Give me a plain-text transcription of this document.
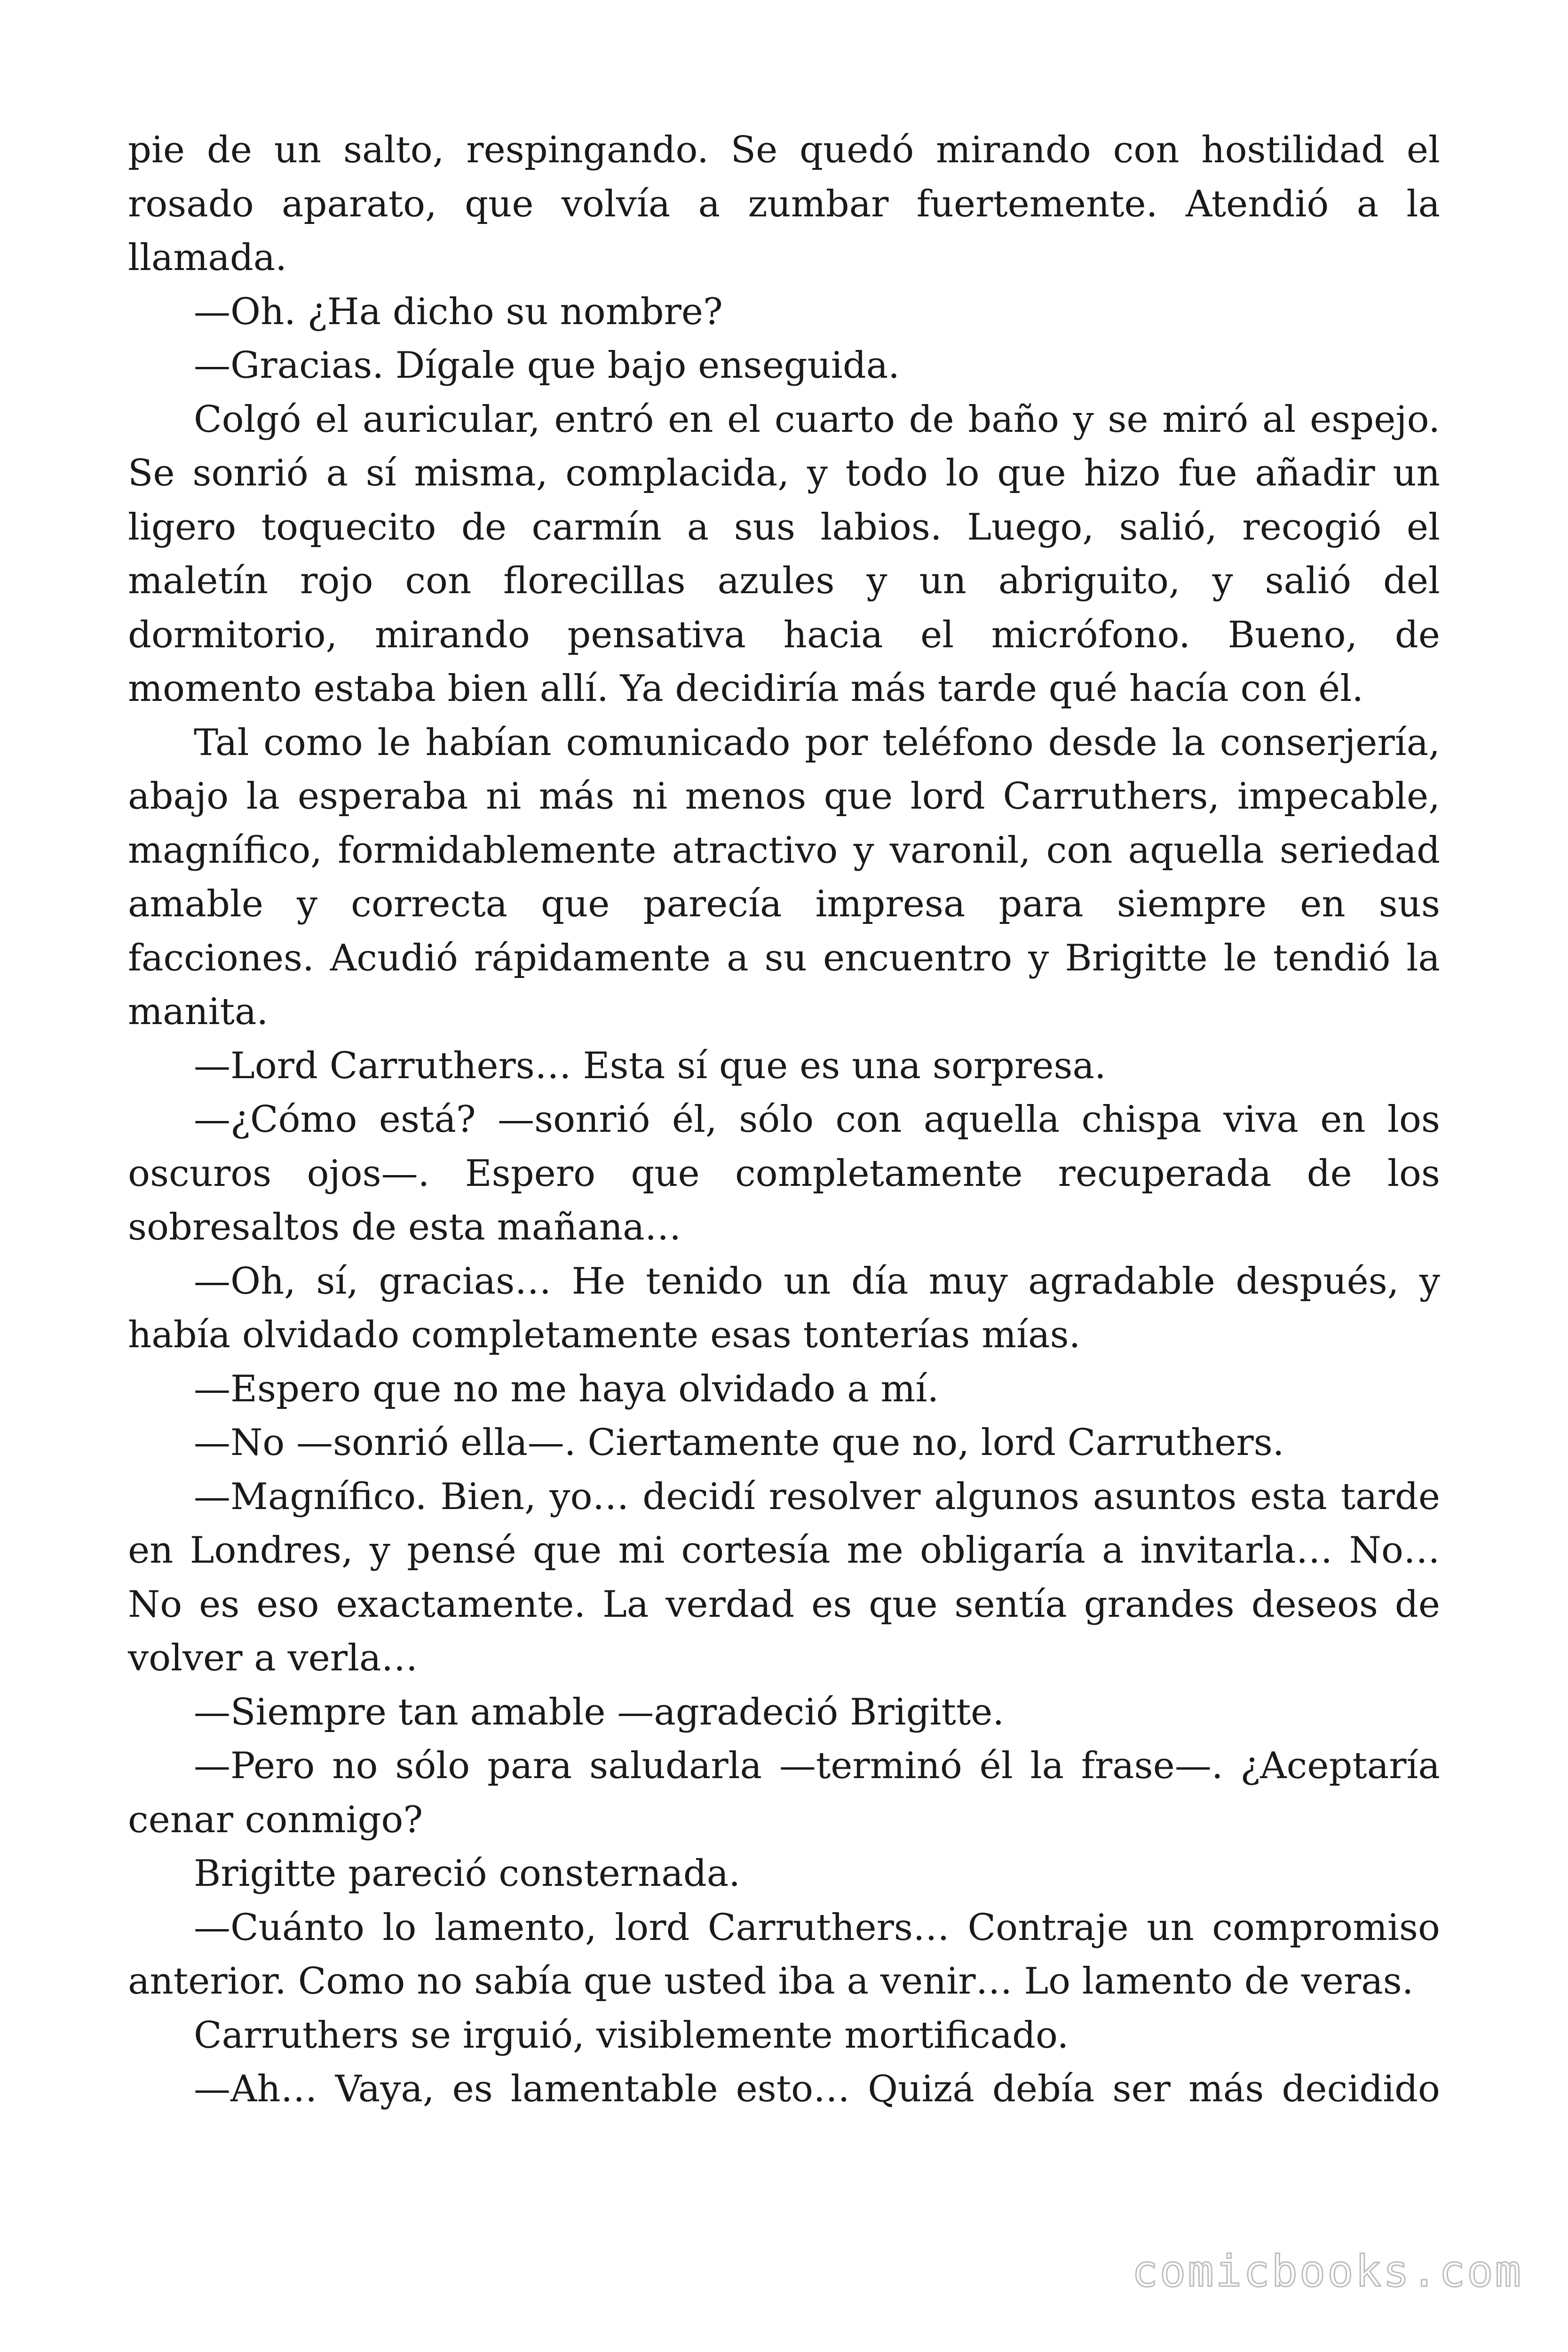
pie de un salto, respingando. Se quedó mirando con hostilidad el rosado aparato, que volvía a zumbar fuertemente. Atendió a la llamada.

—Oh. ¿Ha dicho su nombre?

—Gracias. Dígale que bajo enseguida.

Colgó el auricular, entró en el cuarto de baño y se miró al espejo. Se sonrió a sí misma, complacida, y todo lo que hizo fue añadir un ligero toquecito de carmín a sus labios. Luego, salió, recogió el maletín rojo con florecillas azules y un abriguito, y salió del dormitorio, mirando pensativa hacia el micrófono. Bueno, de momento estaba bien allí. Ya decidiría más tarde qué hacía con él.

Tal como le habían comunicado por teléfono desde la conserjería, abajo la esperaba ni más ni menos que lord Carruthers, impecable, magnífico, formidablemente atractivo y varonil, con aquella seriedad amable y correcta que parecía impresa para siempre en sus facciones. Acudió rápidamente a su encuentro y Brigitte le tendió la manita.

—Lord Carruthers… Esta sí que es una sorpresa.

—¿Cómo está? —sonrió él, sólo con aquella chispa viva en los oscuros ojos—. Espero que completamente recuperada de los sobresaltos de esta mañana…

—Oh, sí, gracias… He tenido un día muy agradable después, y había olvidado completamente esas tonterías mías.

—Espero que no me haya olvidado a mí.

—No —sonrió ella—. Ciertamente que no, lord Carruthers.

—Magnífico. Bien, yo… decidí resolver algunos asuntos esta tarde en Londres, y pensé que mi cortesía me obligaría a invitarla… No… No es eso exactamente. La verdad es que sentía grandes deseos de volver a verla…

—Siempre tan amable —agradeció Brigitte.

—Pero no sólo para saludarla —terminó él la frase—. ¿Aceptaría cenar conmigo?

Brigitte pareció consternada.

—Cuánto lo lamento, lord Carruthers… Contraje un compromiso anterior. Como no sabía que usted iba a venir… Lo lamento de veras.

Carruthers se irguió, visiblemente mortificado.

—Ah… Vaya, es lamentable esto… Quizá debía ser más decidido

comicbooks.com
